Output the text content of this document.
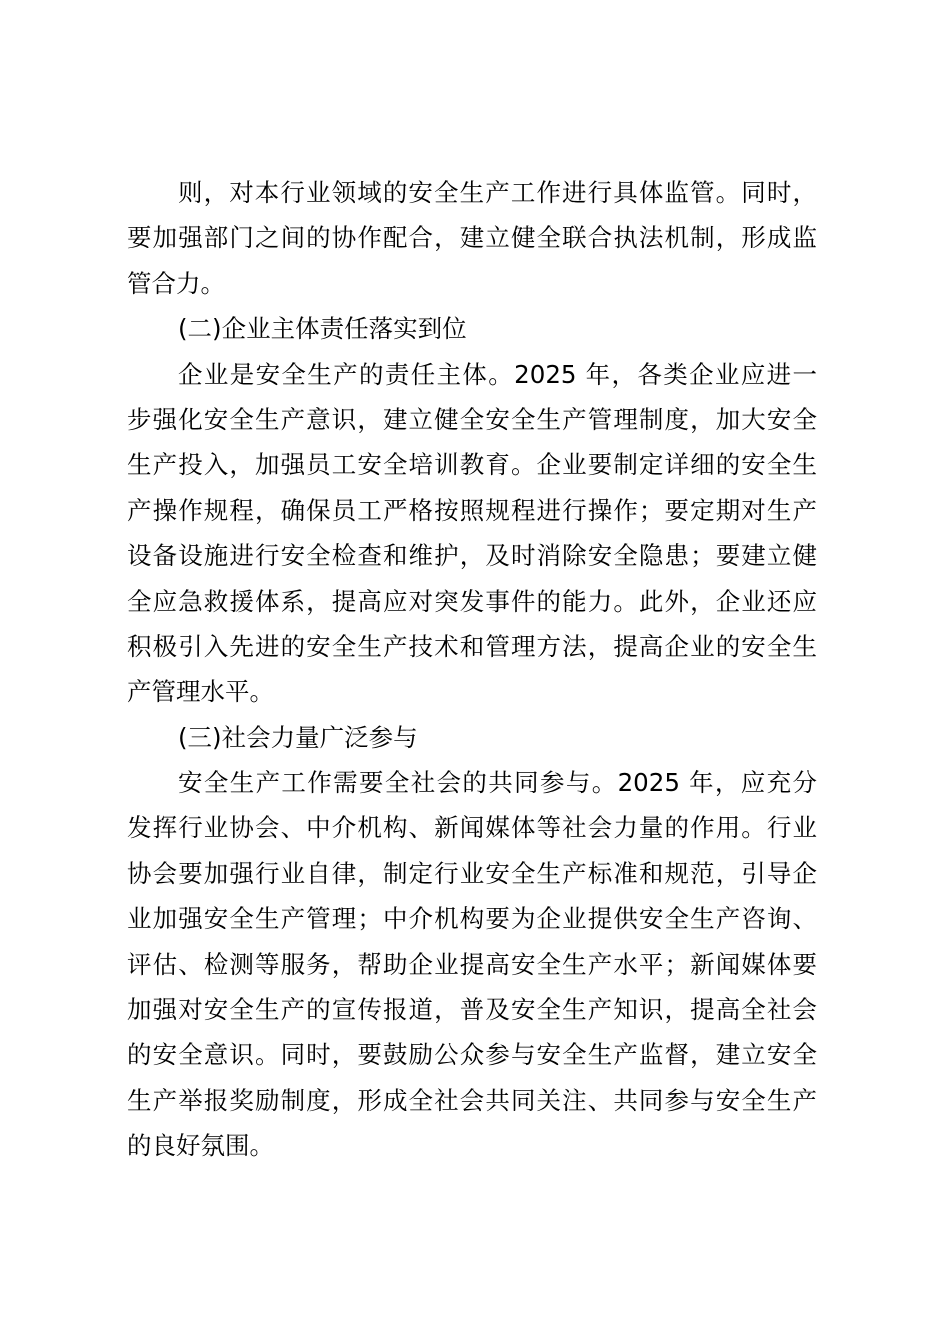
则，对本行业领域的安全生产工作进行具体监管。同时，
要加强部门之间的协作配合，建立健全联合执法机制，形成监
管合力。
(二)企业主体责任落实到位
企业是安全生产的责任主体。2025 年，各类企业应进一
步强化安全生产意识，建立健全安全生产管理制度，加大安全
生产投入，加强员工安全培训教育。企业要制定详细的安全生
产操作规程，确保员工严格按照规程进行操作；要定期对生产
设备设施进行安全检查和维护，及时消除安全隐患；要建立健
全应急救援体系，提高应对突发事件的能力。此外，企业还应
积极引入先进的安全生产技术和管理方法，提高企业的安全生
产管理水平。
(三)社会力量广泛参与
安全生产工作需要全社会的共同参与。2025 年，应充分
发挥行业协会、中介机构、新闻媒体等社会力量的作用。行业
协会要加强行业自律，制定行业安全生产标准和规范，引导企
业加强安全生产管理；中介机构要为企业提供安全生产咨询、
评估、检测等服务，帮助企业提高安全生产水平；新闻媒体要
加强对安全生产的宣传报道，普及安全生产知识，提高全社会
的安全意识。同时，要鼓励公众参与安全生产监督，建立安全
生产举报奖励制度，形成全社会共同关注、共同参与安全生产
的良好氛围。
